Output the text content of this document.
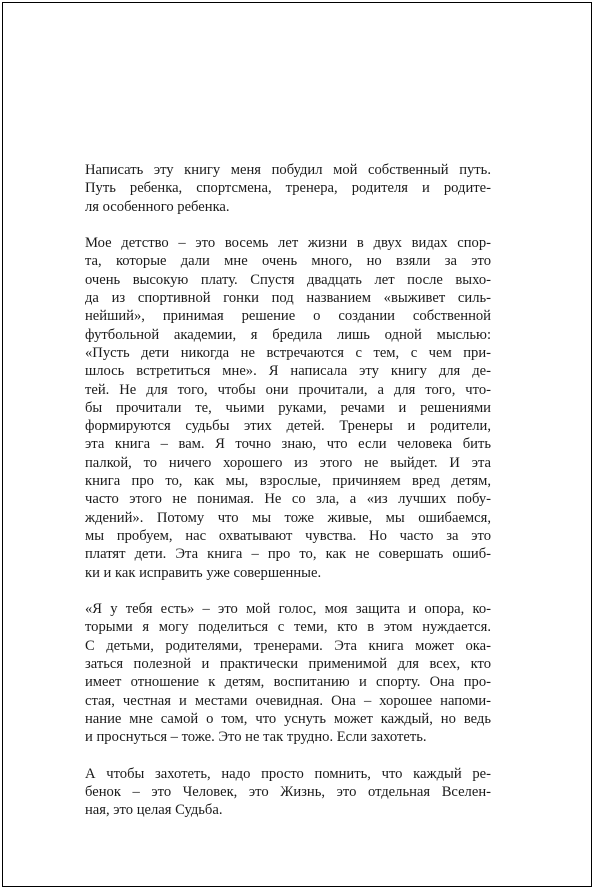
Написать эту книгу меня побудил мой собственный путь.
Путь ребенка, спортсмена, тренера, родителя и родите-
ля особенного ребенка.

Мое детство – это восемь лет жизни в двух видах спор-
та, которые дали мне очень много, но взяли за это
очень высокую плату. Спустя двадцать лет после выхо-
да из спортивной гонки под названием «выживет силь-
нейший», принимая решение о создании собственной
футбольной академии, я бредила лишь одной мыслью:
«Пусть дети никогда не встречаются с тем, с чем при-
шлось встретиться мне». Я написала эту книгу для де-
тей. Не для того, чтобы они прочитали, а для того, что-
бы прочитали те, чьими руками, речами и решениями
формируются судьбы этих детей. Тренеры и родители,
эта книга – вам. Я точно знаю, что если человека бить
палкой, то ничего хорошего из этого не выйдет. И эта
книга про то, как мы, взрослые, причиняем вред детям,
часто этого не понимая. Не со зла, а «из лучших побу-
ждений». Потому что мы тоже живые, мы ошибаемся,
мы пробуем, нас охватывают чувства. Но часто за это
платят дети. Эта книга – про то, как не совершать ошиб-
ки и как исправить уже совершенные.

«Я у тебя есть» – это мой голос, моя защита и опора, ко-
торыми я могу поделиться с теми, кто в этом нуждается.
С детьми, родителями, тренерами. Эта книга может ока-
заться полезной и практически применимой для всех, кто
имеет отношение к детям, воспитанию и спорту. Она про-
стая, честная и местами очевидная. Она – хорошее напоми-
нание мне самой о том, что уснуть может каждый, но ведь
и проснуться – тоже. Это не так трудно. Если захотеть.

А чтобы захотеть, надо просто помнить, что каждый ре-
бенок – это Человек, это Жизнь, это отдельная Вселен-
ная, это целая Судьба.
